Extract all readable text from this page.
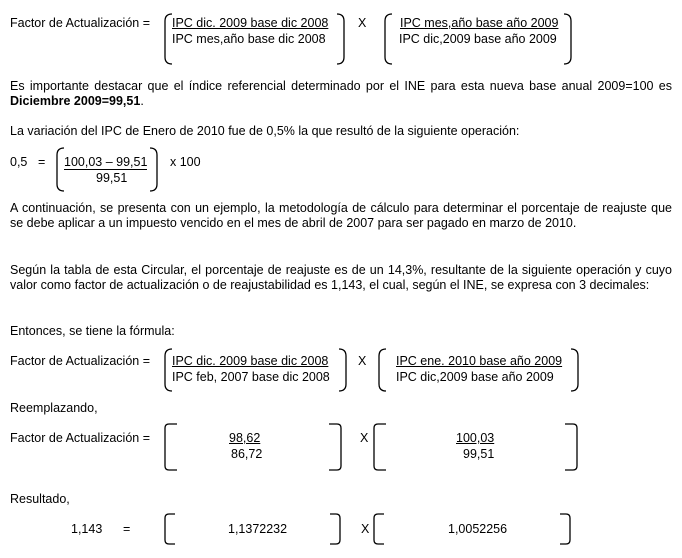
Factor de Actualización = IPC dic. 2009 base dic 2008
IPC mes,año base dic 2008
X	IPC mes,año base año 2009
IPC dic,2009 base año 2009
Es importante destacar que el índice referencial determinado por el INE para esta nueva base anual 2009=100 es Diciembre 2009=99,51.
La variación del IPC de Enero de 2010 fue de 0,5% la que resultó de la siguiente operación:
0,5 = 100,03 – 99,51
99,51
x 100
A continuación, se presenta con un ejemplo, la metodología de cálculo para determinar el porcentaje de reajuste que se debe aplicar a un impuesto vencido en el mes de abril de 2007 para ser pagado en marzo de 2010.
Según la tabla de esta Circular, el porcentaje de reajuste es de un 14,3%, resultante de la siguiente operación y cuyo valor como factor de actualización o de reajustabilidad es 1,143, el cual, según el INE, se expresa con 3 decimales:
Entonces, se tiene la fórmula:
Factor de Actualización = IPC dic. 2009 base dic 2008
IPC feb, 2007 base dic 2008
X IPC ene. 2010 base año 2009
IPC dic,2009 base año 2009
Reemplazando,
Factor de Actualización =	98,62
86,72
X	100,03
99,51
Resultado,
1,143 =	1,1372232	X	1,0052256
